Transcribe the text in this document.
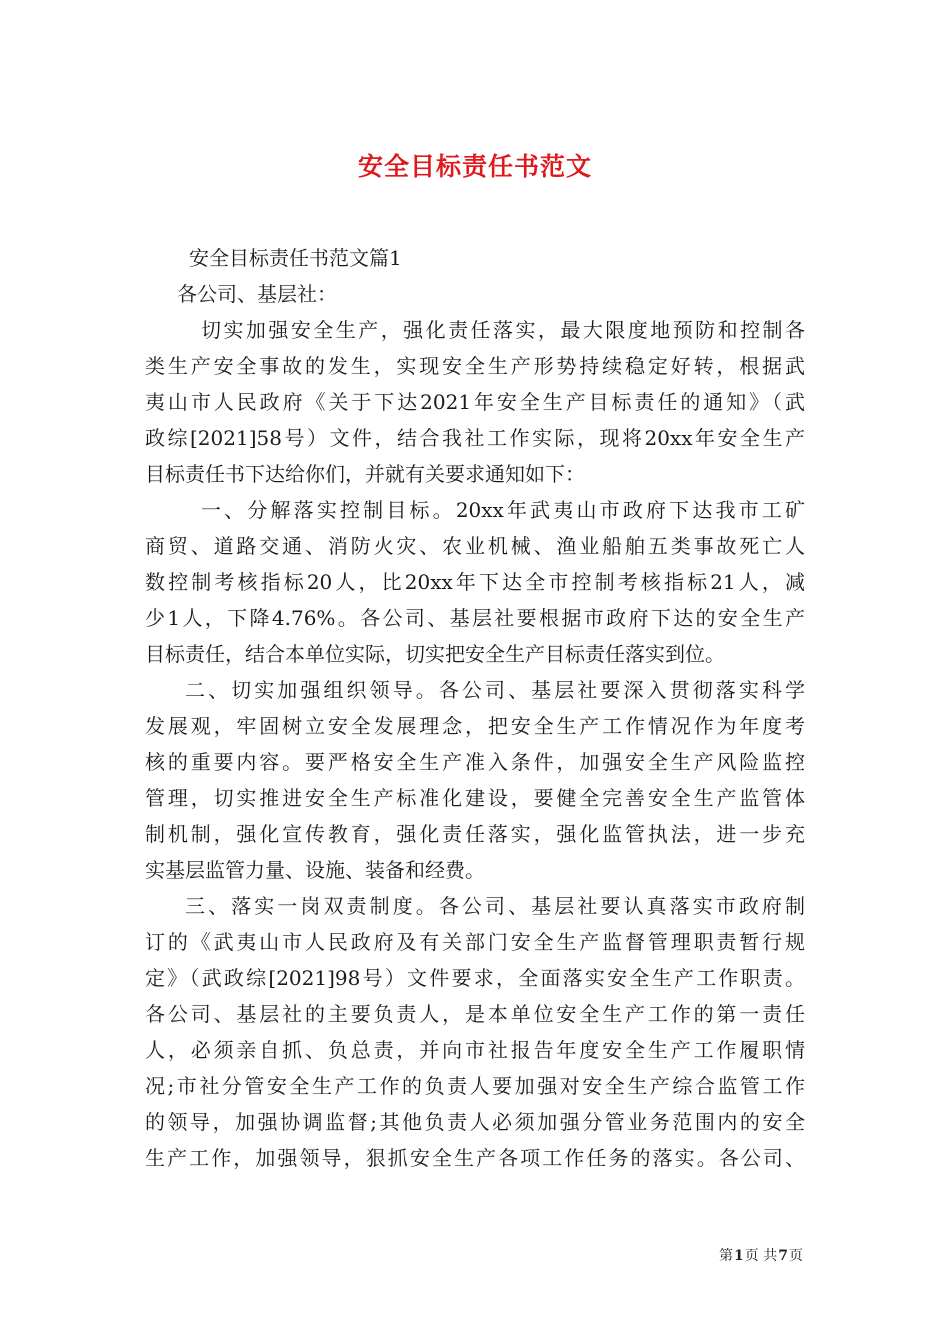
安全目标责任书范文
安全目标责任书范文篇1
各公司、基层社：
切实加强安全生产，强化责任落实，最大限度地预防和控制各
类生产安全事故的发生，实现安全生产形势持续稳定好转，根据武
夷山市人民政府《关于下达2021年安全生产目标责任的通知》（武
政综[2021]58号）文件，结合我社工作实际，现将20xx年安全生产
目标责任书下达给你们，并就有关要求通知如下：
一、分解落实控制目标。20xx年武夷山市政府下达我市工矿
商贸、道路交通、消防火灾、农业机械、渔业船舶五类事故死亡人
数控制考核指标20人，比20xx年下达全市控制考核指标21人，减
少1人，下降4.76%。各公司、基层社要根据市政府下达的安全生产
目标责任，结合本单位实际，切实把安全生产目标责任落实到位。
二、切实加强组织领导。各公司、基层社要深入贯彻落实科学
发展观，牢固树立安全发展理念，把安全生产工作情况作为年度考
核的重要内容。要严格安全生产准入条件，加强安全生产风险监控
管理，切实推进安全生产标准化建设，要健全完善安全生产监管体
制机制，强化宣传教育，强化责任落实，强化监管执法，进一步充
实基层监管力量、设施、装备和经费。
三、落实一岗双责制度。各公司、基层社要认真落实市政府制
订的《武夷山市人民政府及有关部门安全生产监督管理职责暂行规
定》（武政综[2021]98号）文件要求，全面落实安全生产工作职责。
各公司、基层社的主要负责人，是本单位安全生产工作的第一责任
人，必须亲自抓、负总责，并向市社报告年度安全生产工作履职情
况;市社分管安全生产工作的负责人要加强对安全生产综合监管工作
的领导，加强协调监督;其他负责人必须加强分管业务范围内的安全
生产工作，加强领导，狠抓安全生产各项工作任务的落实。各公司、
第1页 共7页
